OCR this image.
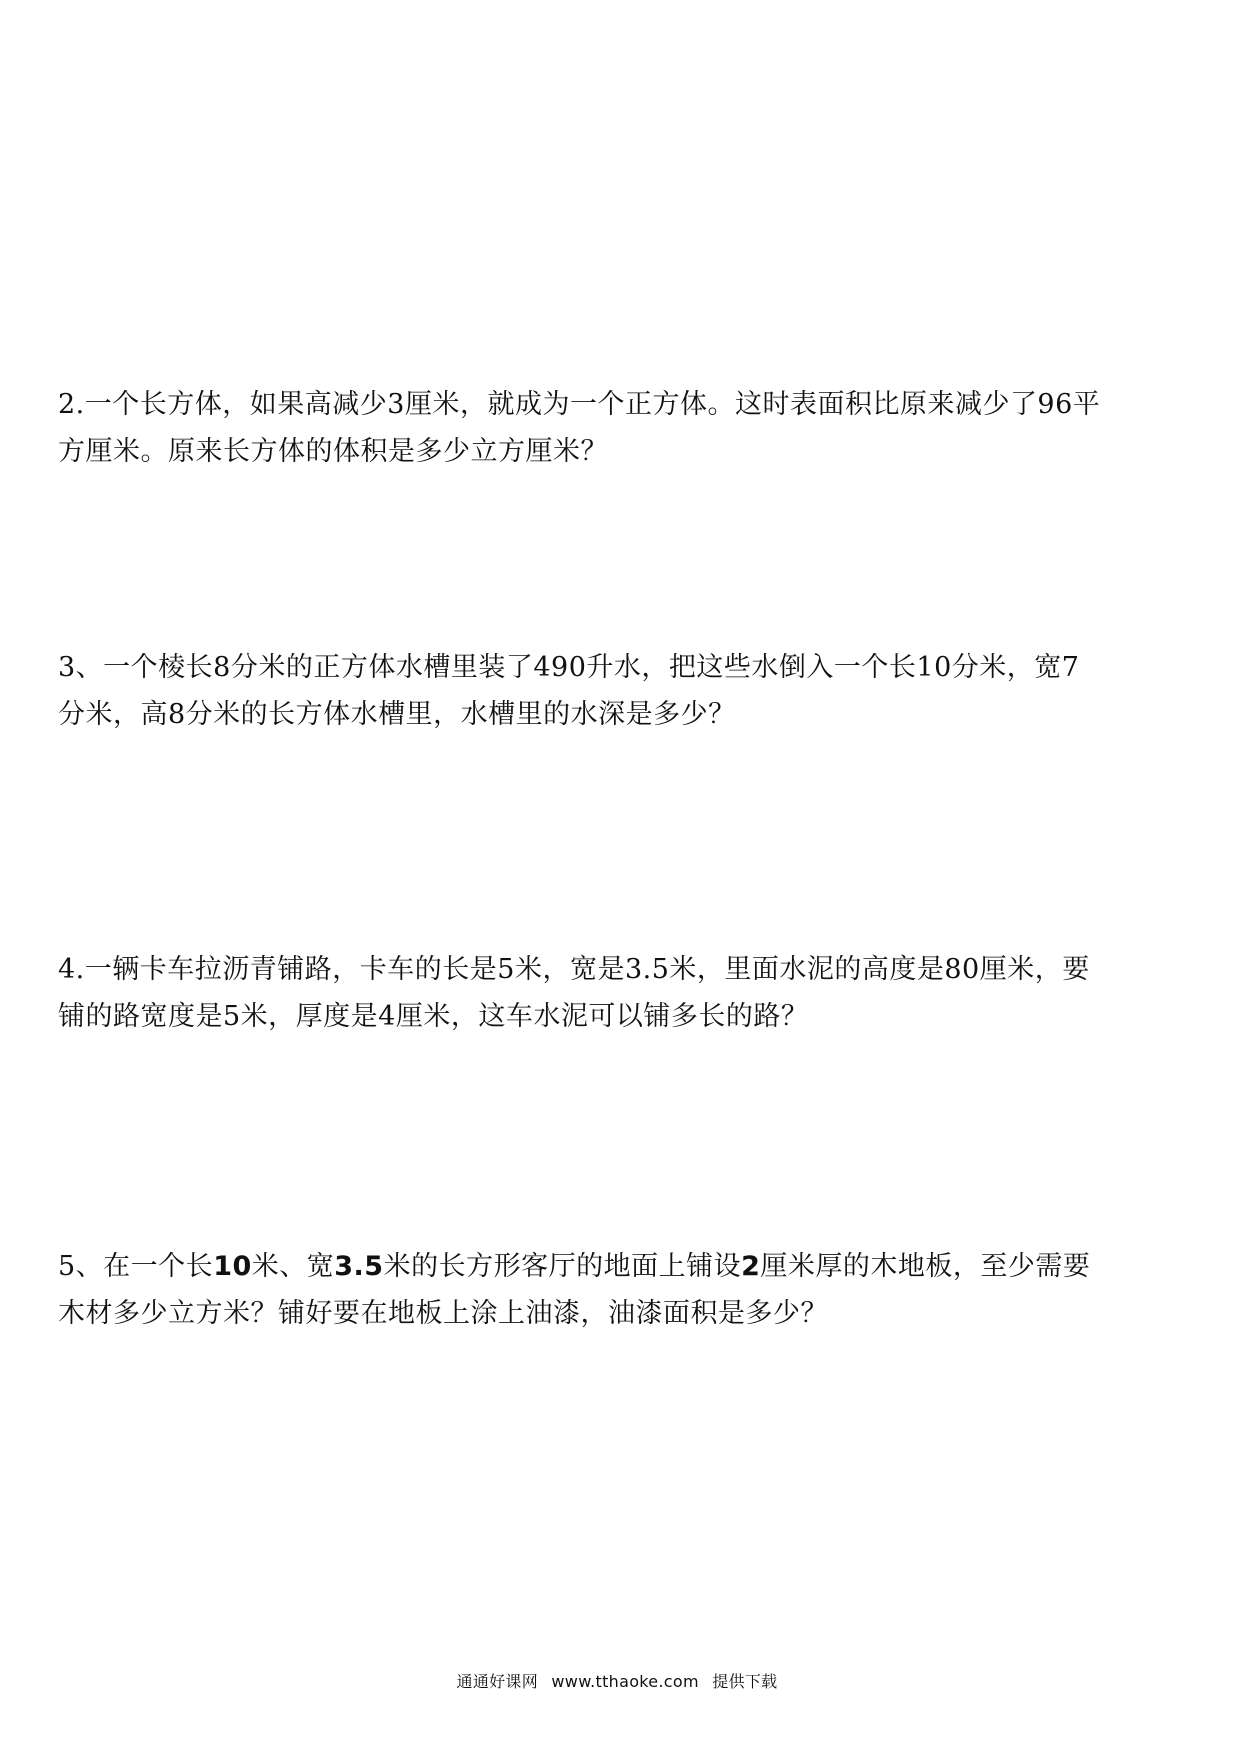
2.一个长方体，如果高减少3厘米，就成为一个正方体。这时表面积比原来减少了96平
方厘米。原来长方体的体积是多少立方厘米？
3、一个棱长8分米的正方体水槽里装了490升水，把这些水倒入一个长10分米，宽7
分米，高8分米的长方体水槽里，水槽里的水深是多少？
4.一辆卡车拉沥青铺路，卡车的长是5米，宽是3.5米，里面水泥的高度是80厘米，要
铺的路宽度是5米，厚度是4厘米，这车水泥可以铺多长的路？
5、在一个长10米、宽3.5米的长方形客厅的地面上铺设2厘米厚的木地板，至少需要
木材多少立方米？铺好要在地板上涂上油漆，油漆面积是多少？
通通好课网 www.tthaoke.com 提供下载
